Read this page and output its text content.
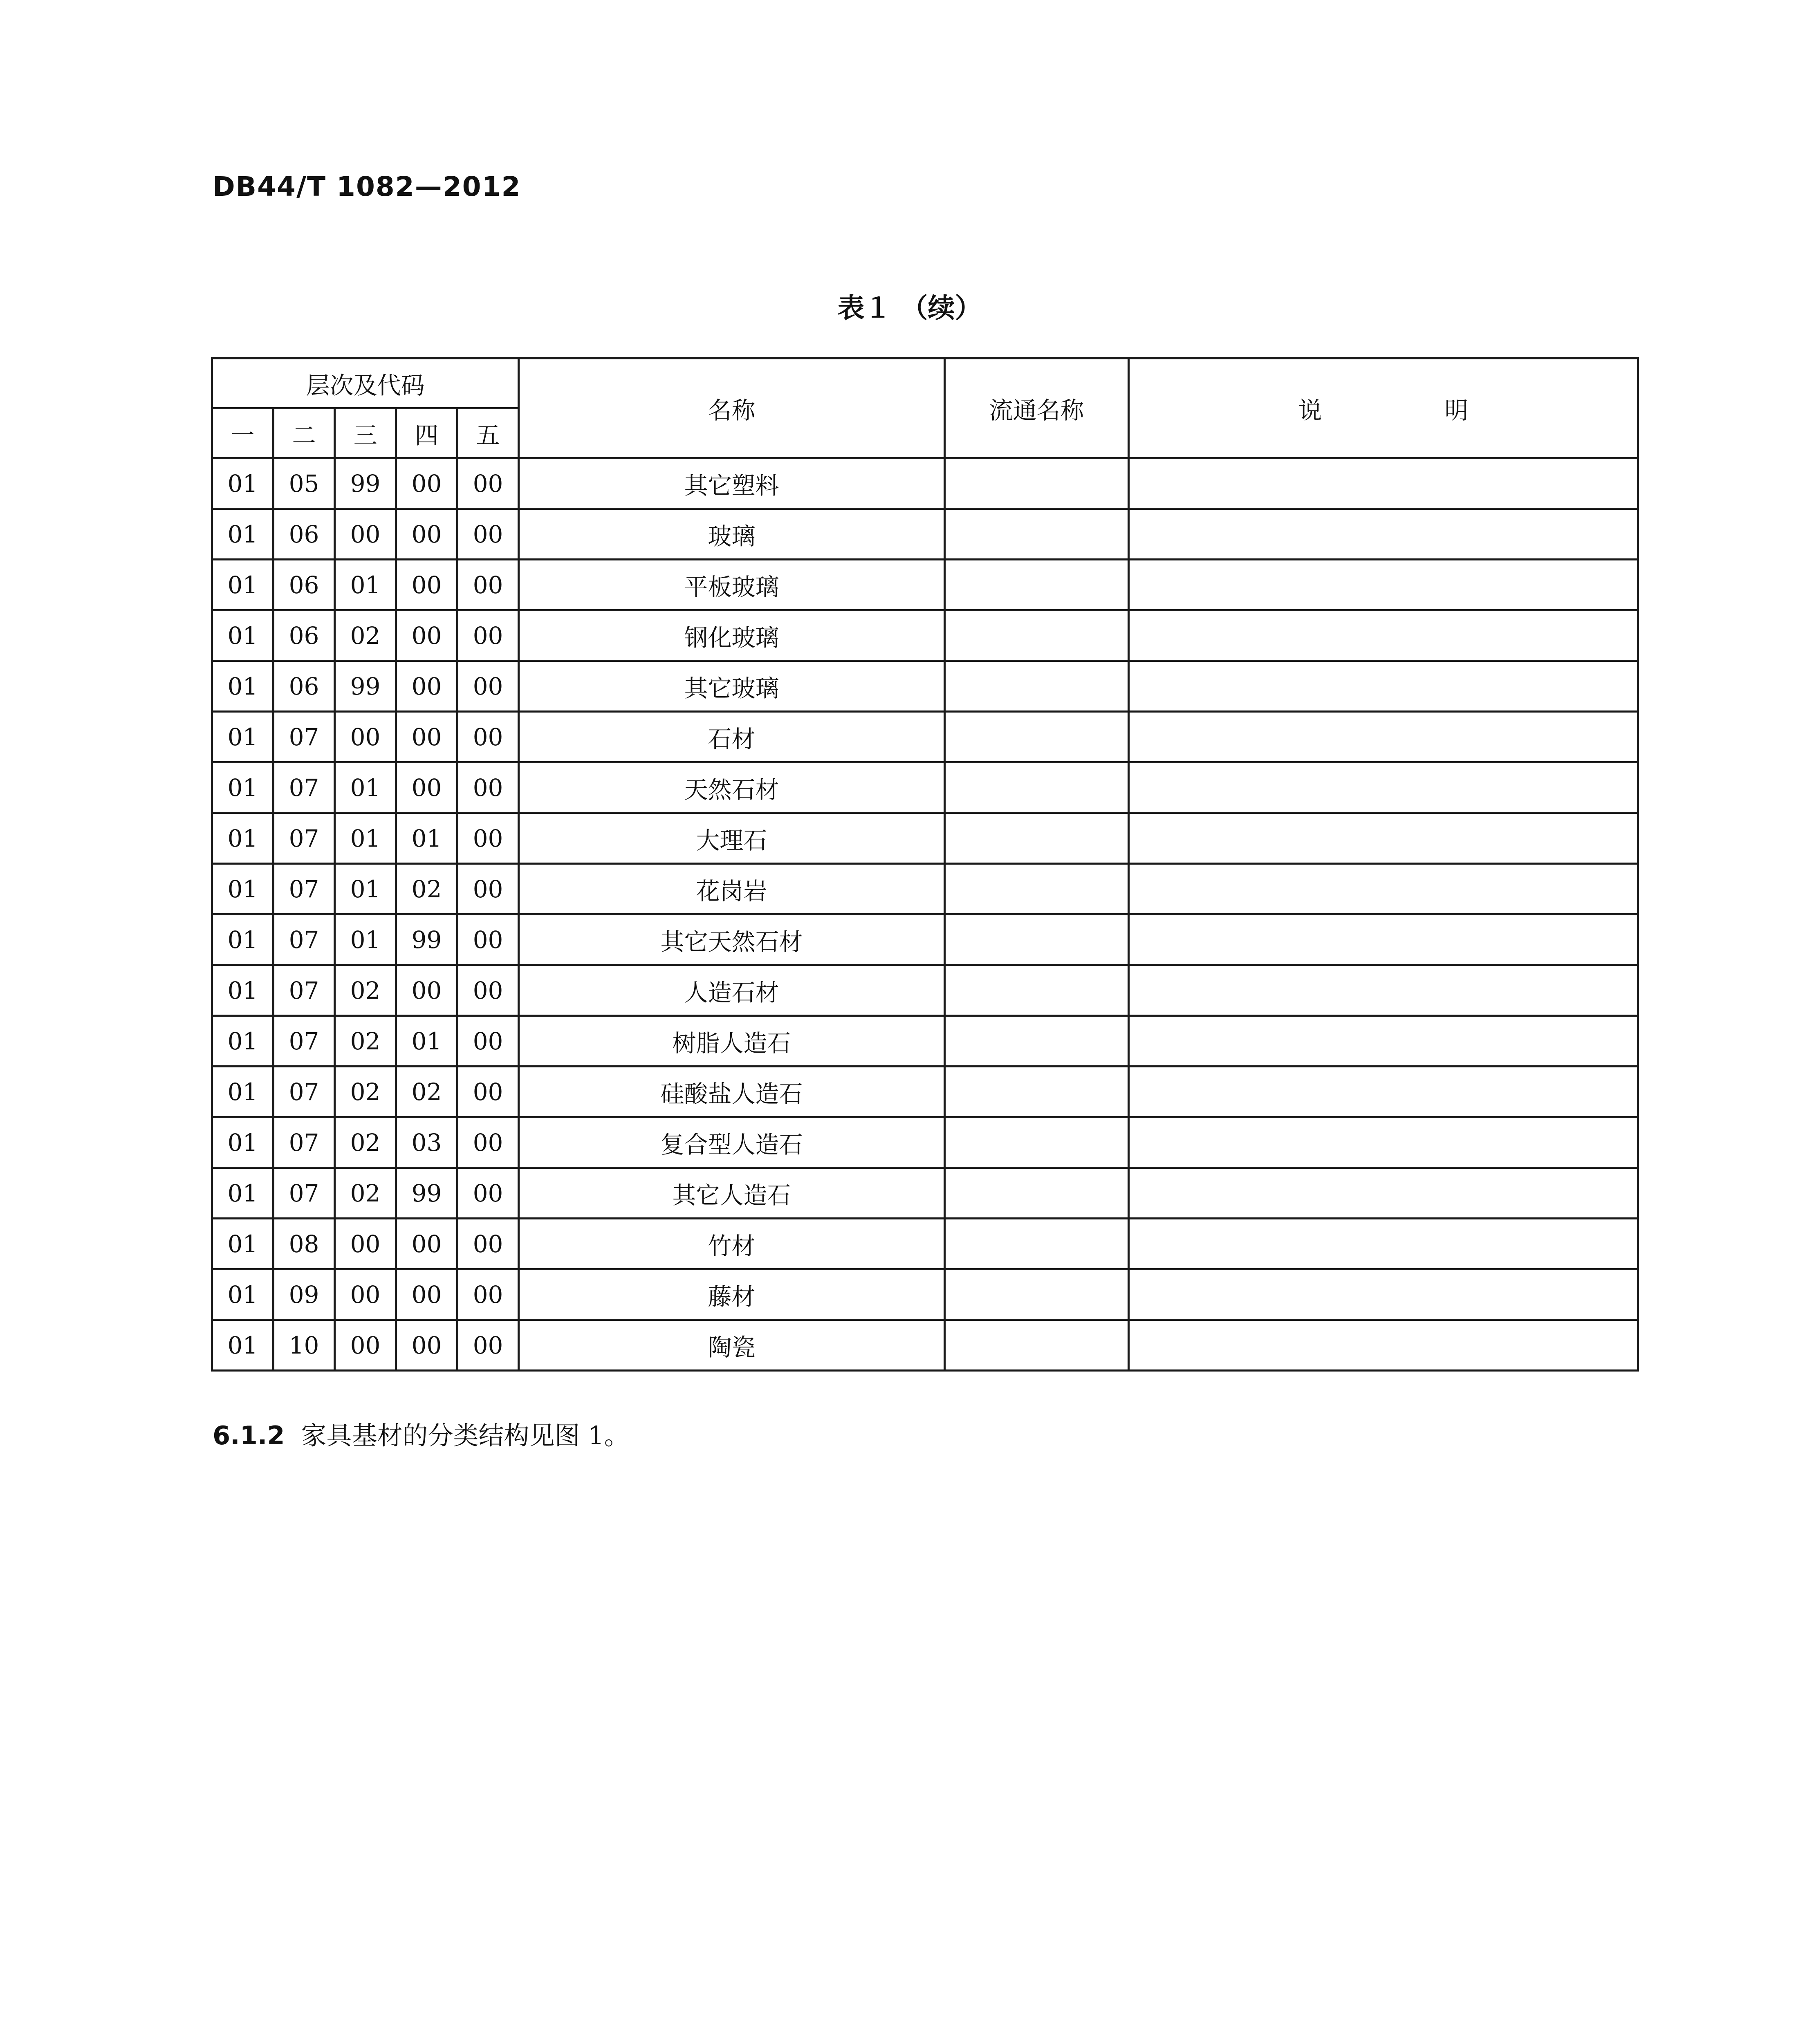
DB44/T 1082—2012
表１ （续）
层次及代码					名称	流通名称	说 明
一	二	三	四	五			
01	05	99	00	00	其它塑料		
01	06	00	00	00	玻璃		
01	06	01	00	00	平板玻璃		
01	06	02	00	00	钢化玻璃		
01	06	99	00	00	其它玻璃		
01	07	00	00	00	石材		
01	07	01	00	00	天然石材		
01	07	01	01	00	大理石		
01	07	01	02	00	花岗岩		
01	07	01	99	00	其它天然石材		
01	07	02	00	00	人造石材		
01	07	02	01	00	树脂人造石		
01	07	02	02	00	硅酸盐人造石		
01	07	02	03	00	复合型人造石		
01	07	02	99	00	其它人造石		
01	08	00	00	00	竹材		
01	09	00	00	00	藤材		
01	10	00	00	00	陶瓷		
6.1.2 家具基材的分类结构见图 1。
